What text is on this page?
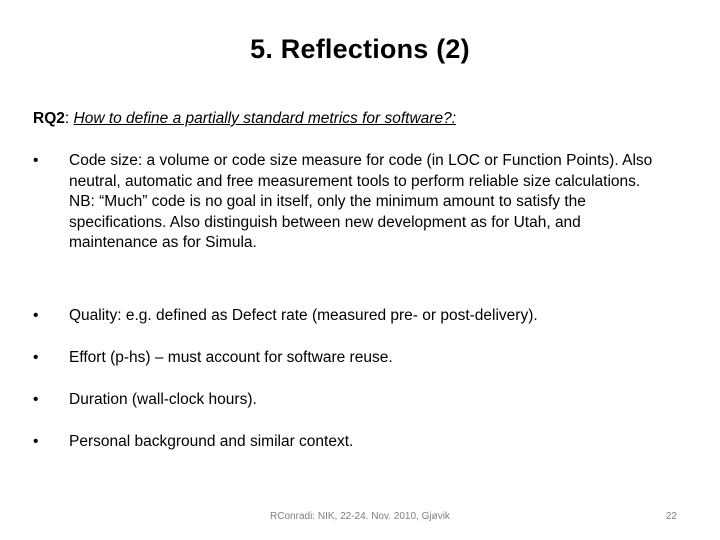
5. Reflections (2)
RQ2: How to define a partially standard metrics for software?:
•	Code size: a volume or code size measure for code (in LOC or Function Points). Also neutral, automatic and free measurement tools to perform reliable size calculations.
NB: “Much” code is no goal in itself, only the minimum amount to satisfy the specifications. Also distinguish between new development as for Utah, and maintenance as for Simula.
•	Quality: e.g. defined as Defect rate (measured pre- or post-delivery).
•	Effort (p-hs) – must account for software reuse.
•	Duration (wall-clock hours).
•	Personal background and similar context.
RConradi: NIK, 22-24. Nov. 2010, Gjøvik	22
